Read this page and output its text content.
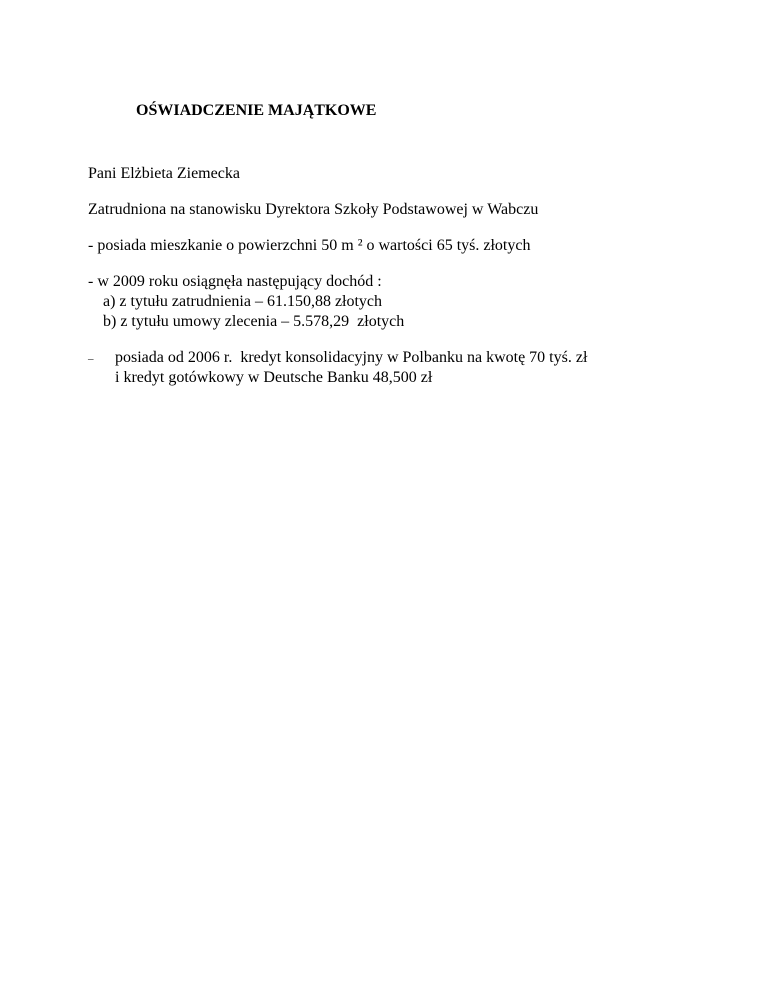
OŚWIADCZENIE MAJĄTKOWE
Pani Elżbieta Ziemecka
Zatrudniona na stanowisku Dyrektora Szkoły Podstawowej w Wabczu
- posiada mieszkanie o powierzchni 50 m ² o wartości 65 tyś. złotych
- w 2009 roku osiągnęła następujący dochód :
a) z tytułu zatrudnienia – 61.150,88 złotych
b) z tytułu umowy zlecenia – 5.578,29  złotych
– posiada od 2006 r.  kredyt konsolidacyjny w Polbanku na kwotę 70 tyś. zł
i kredyt gotówkowy w Deutsche Banku 48,500 zł
